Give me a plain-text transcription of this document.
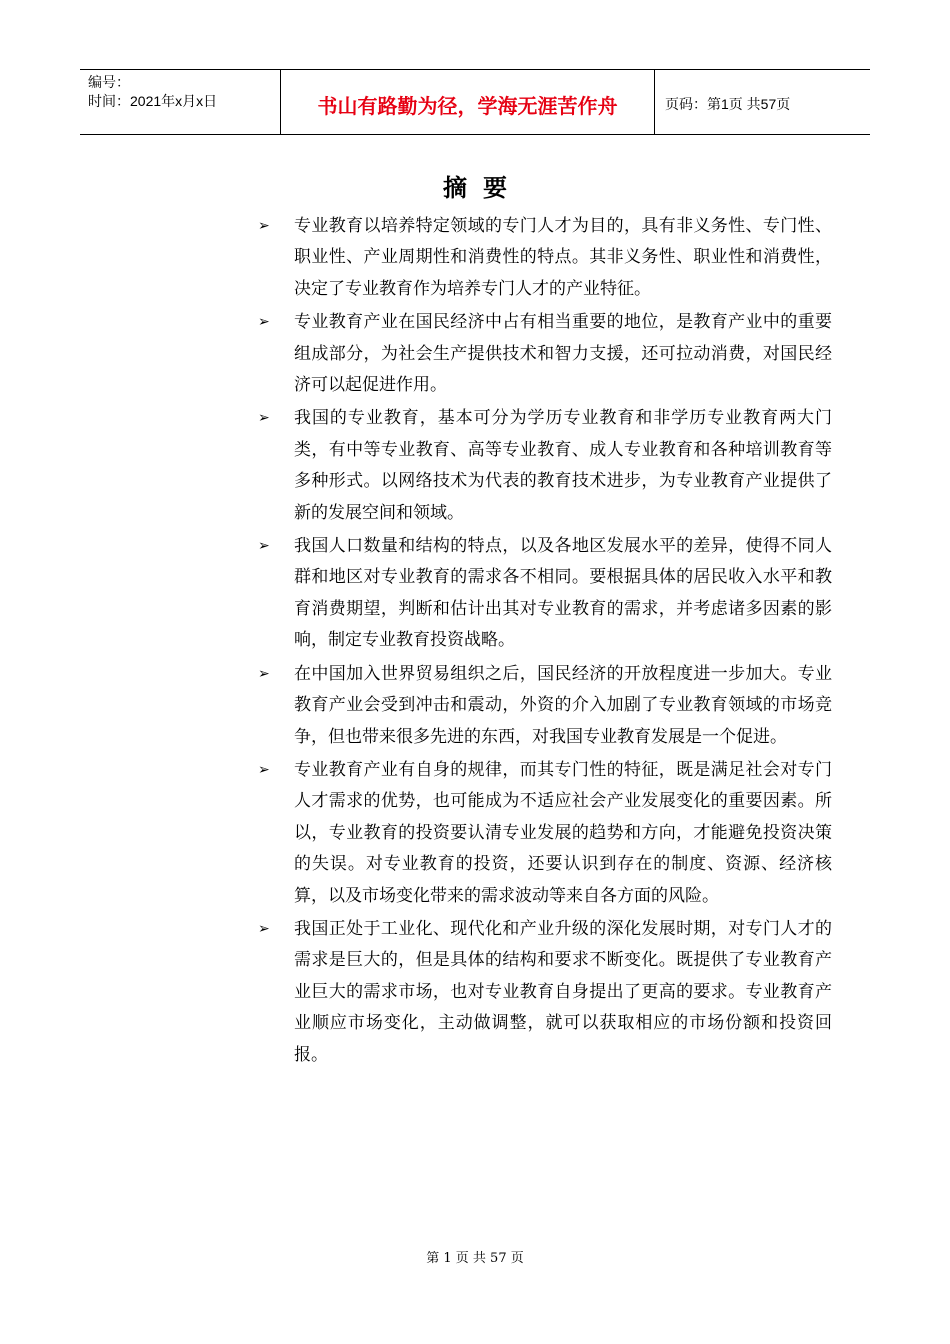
编号：
时间：2021年x月x日	书山有路勤为径，学海无涯苦作舟	页码：第1页 共57页
摘要
➢	专业教育以培养特定领域的专门人才为目的，具有非义务性、专门性、职业性、产业周期性和消费性的特点。其非义务性、职业性和消费性，决定了专业教育作为培养专门人才的产业特征。
➢	专业教育产业在国民经济中占有相当重要的地位，是教育产业中的重要组成部分，为社会生产提供技术和智力支援，还可拉动消费，对国民经济可以起促进作用。
➢	我国的专业教育，基本可分为学历专业教育和非学历专业教育两大门类，有中等专业教育、高等专业教育、成人专业教育和各种培训教育等多种形式。以网络技术为代表的教育技术进步，为专业教育产业提供了新的发展空间和领域。
➢	我国人口数量和结构的特点，以及各地区发展水平的差异，使得不同人群和地区对专业教育的需求各不相同。要根据具体的居民收入水平和教育消费期望，判断和估计出其对专业教育的需求，并考虑诸多因素的影响，制定专业教育投资战略。
➢	在中国加入世界贸易组织之后，国民经济的开放程度进一步加大。专业教育产业会受到冲击和震动，外资的介入加剧了专业教育领域的市场竞争，但也带来很多先进的东西，对我国专业教育发展是一个促进。
➢	专业教育产业有自身的规律，而其专门性的特征，既是满足社会对专门人才需求的优势，也可能成为不适应社会产业发展变化的重要因素。所以，专业教育的投资要认清专业发展的趋势和方向，才能避免投资决策的失误。对专业教育的投资，还要认识到存在的制度、资源、经济核算，以及市场变化带来的需求波动等来自各方面的风险。
➢	我国正处于工业化、现代化和产业升级的深化发展时期，对专门人才的需求是巨大的，但是具体的结构和要求不断变化。既提供了专业教育产业巨大的需求市场，也对专业教育自身提出了更高的要求。专业教育产业顺应市场变化，主动做调整，就可以获取相应的市场份额和投资回报。
第 1 页 共 57 页
